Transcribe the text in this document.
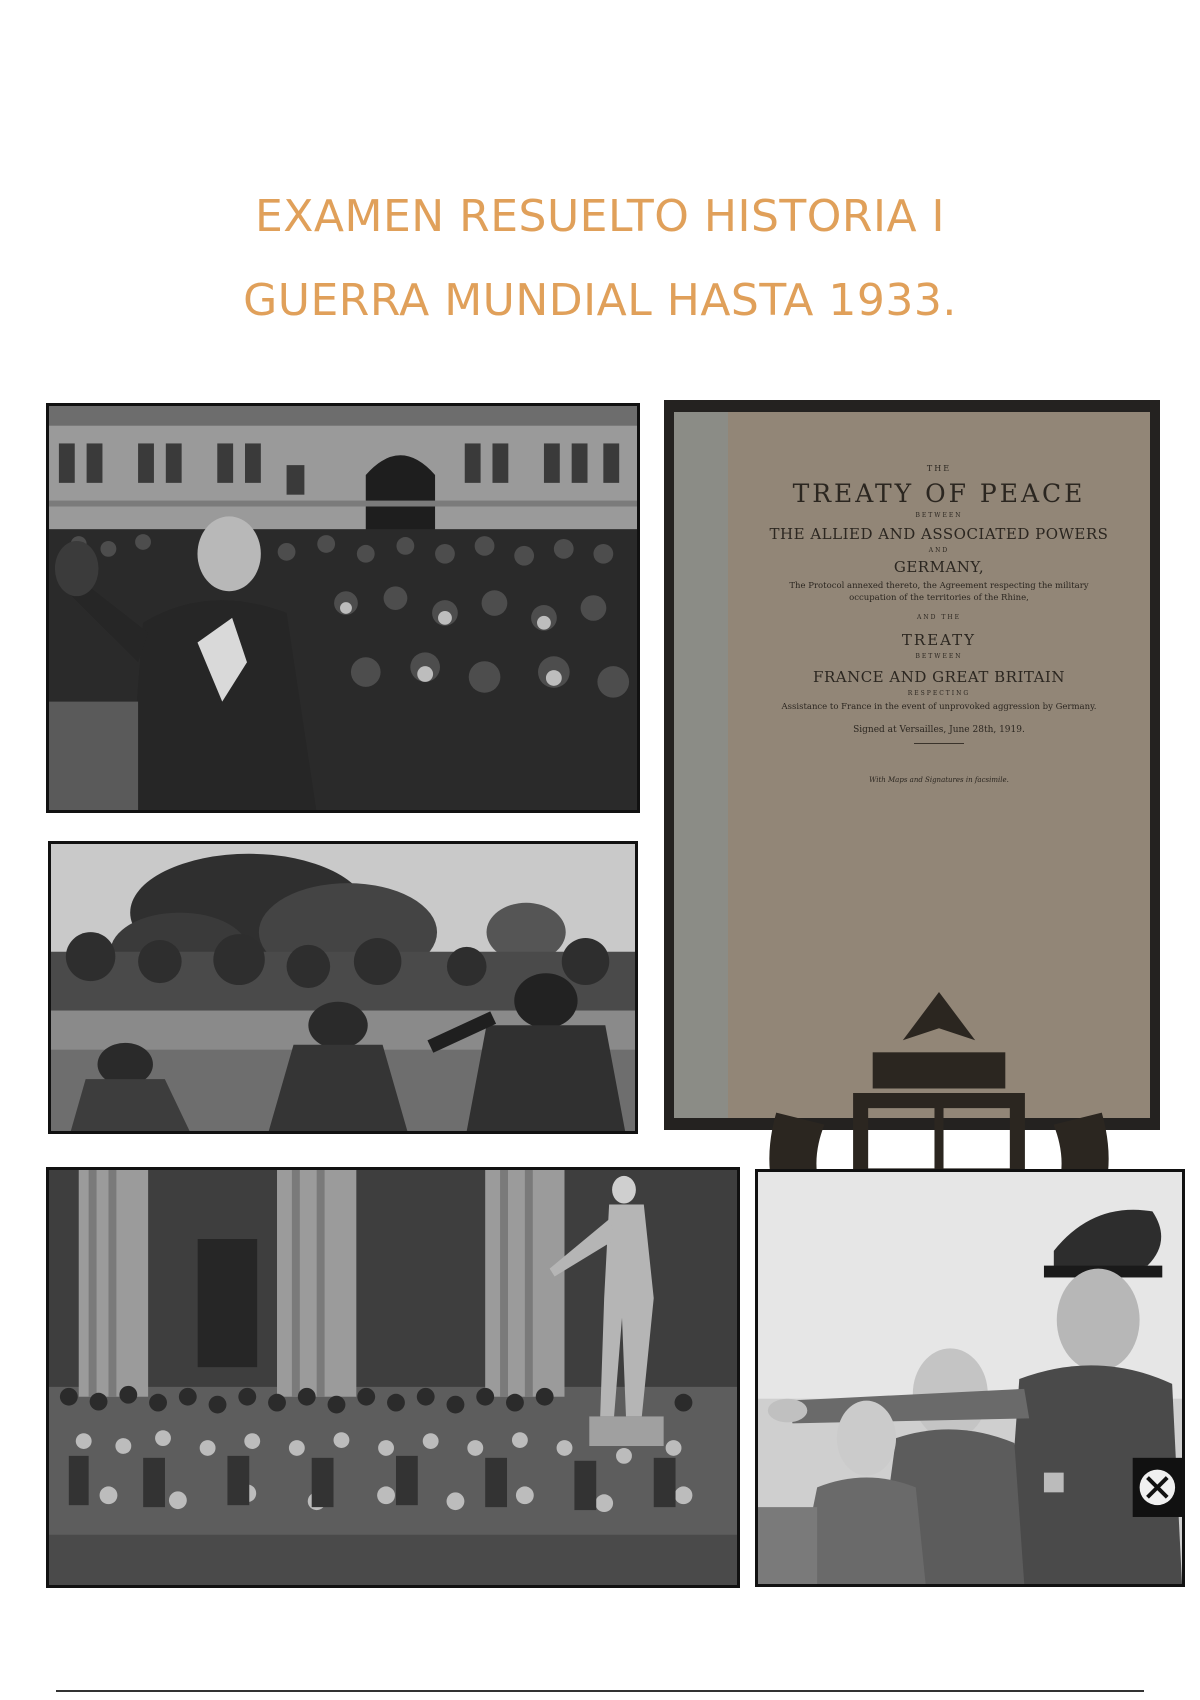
EXAMEN RESUELTO HISTORIA I
GUERRA MUNDIAL HASTA 1933.
THE
TREATY OF PEACE
BETWEEN
THE ALLIED AND ASSOCIATED POWERS
AND
GERMANY,
The Protocol annexed thereto, the Agreement respecting the military occupation of the territories of the Rhine,
AND THE
TREATY
BETWEEN
FRANCE AND GREAT BRITAIN
RESPECTING
Assistance to France in the event of unprovoked aggression by Germany.
Signed at Versailles, June 28th, 1919.
With Maps and Signatures in facsimile.
